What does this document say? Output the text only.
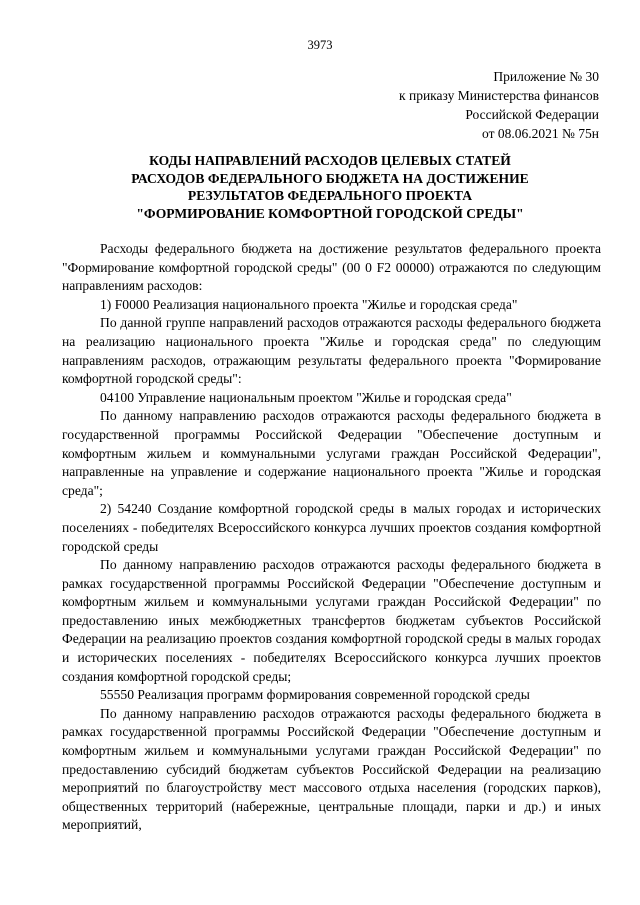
3973
Приложение № 30
к приказу Министерства финансов
Российской Федерации
от 08.06.2021 № 75н
КОДЫ НАПРАВЛЕНИЙ РАСХОДОВ ЦЕЛЕВЫХ СТАТЕЙ
РАСХОДОВ ФЕДЕРАЛЬНОГО БЮДЖЕТА НА ДОСТИЖЕНИЕ
РЕЗУЛЬТАТОВ ФЕДЕРАЛЬНОГО ПРОЕКТА
"ФОРМИРОВАНИЕ КОМФОРТНОЙ ГОРОДСКОЙ СРЕДЫ"

Расходы федерального бюджета на достижение результатов федерального проекта "Формирование комфортной городской среды" (00 0 F2 00000) отражаются по следующим направлениям расходов:

1) F0000 Реализация национального проекта "Жилье и городская среда"

По данной группе направлений расходов отражаются расходы федерального бюджета на реализацию национального проекта "Жилье и городская среда" по следующим направлениям расходов, отражающим результаты федерального проекта "Формирование комфортной городской среды":

04100 Управление национальным проектом "Жилье и городская среда"

По данному направлению расходов отражаются расходы федерального бюджета в государственной программы Российской Федерации "Обеспечение доступным и комфортным жильем и коммунальными услугами граждан Российской Федерации", направленные на управление и содержание национального проекта "Жилье и городская среда";

2) 54240 Создание комфортной городской среды в малых городах и исторических поселениях - победителях Всероссийского конкурса лучших проектов создания комфортной городской среды

По данному направлению расходов отражаются расходы федерального бюджета в рамках государственной программы Российской Федерации "Обеспечение доступным и комфортным жильем и коммунальными услугами граждан Российской Федерации" по предоставлению иных межбюджетных трансфертов бюджетам субъектов Российской Федерации на реализацию проектов создания комфортной городской среды в малых городах и исторических поселениях - победителях Всероссийского конкурса лучших проектов создания комфортной городской среды;

55550 Реализация программ формирования современной городской среды

По данному направлению расходов отражаются расходы федерального бюджета в рамках государственной программы Российской Федерации "Обеспечение доступным и комфортным жильем и коммунальными услугами граждан Российской Федерации" по предоставлению субсидий бюджетам субъектов Российской Федерации на реализацию мероприятий по благоустройству мест массового отдыха населения (городских парков), общественных территорий (набережные, центральные площади, парки и др.) и иных мероприятий,
